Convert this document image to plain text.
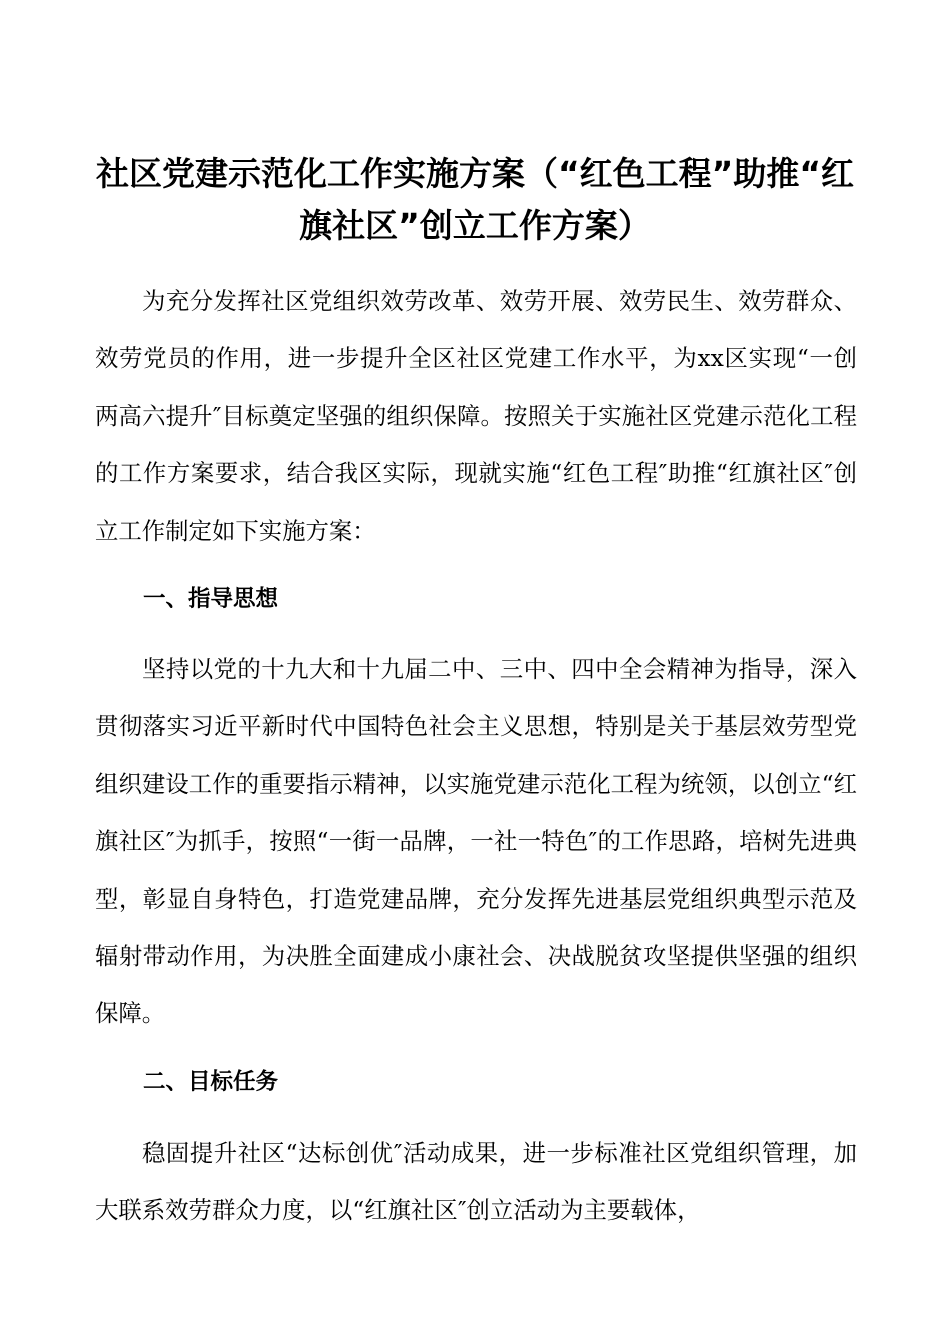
社区党建示范化工作实施方案（“红色工程”助推“红旗社区”创立工作方案）
为充分发挥社区党组织效劳改革、效劳开展、效劳民生、效劳群众、效劳党员的作用，进一步提升全区社区党建工作水平，为xx区实现“一创两高六提升″目标奠定坚强的组织保障。按照关于实施社区党建示范化工程的工作方案要求，结合我区实际，现就实施“红色工程″助推“红旗社区″创立工作制定如下实施方案：
一、指导思想
坚持以党的十九大和十九届二中、三中、四中全会精神为指导，深入贯彻落实习近平新时代中国特色社会主义思想，特别是关于基层效劳型党组织建设工作的重要指示精神，以实施党建示范化工程为统领，以创立“红旗社区″为抓手，按照“一街一品牌，一社一特色″的工作思路，培树先进典型，彰显自身特色，打造党建品牌，充分发挥先进基层党组织典型示范及辐射带动作用，为决胜全面建成小康社会、决战脱贫攻坚提供坚强的组织保障。
二、目标任务
稳固提升社区“达标创优″活动成果，进一步标准社区党组织管理，加大联系效劳群众力度，以“红旗社区″创立活动为主要载体，
